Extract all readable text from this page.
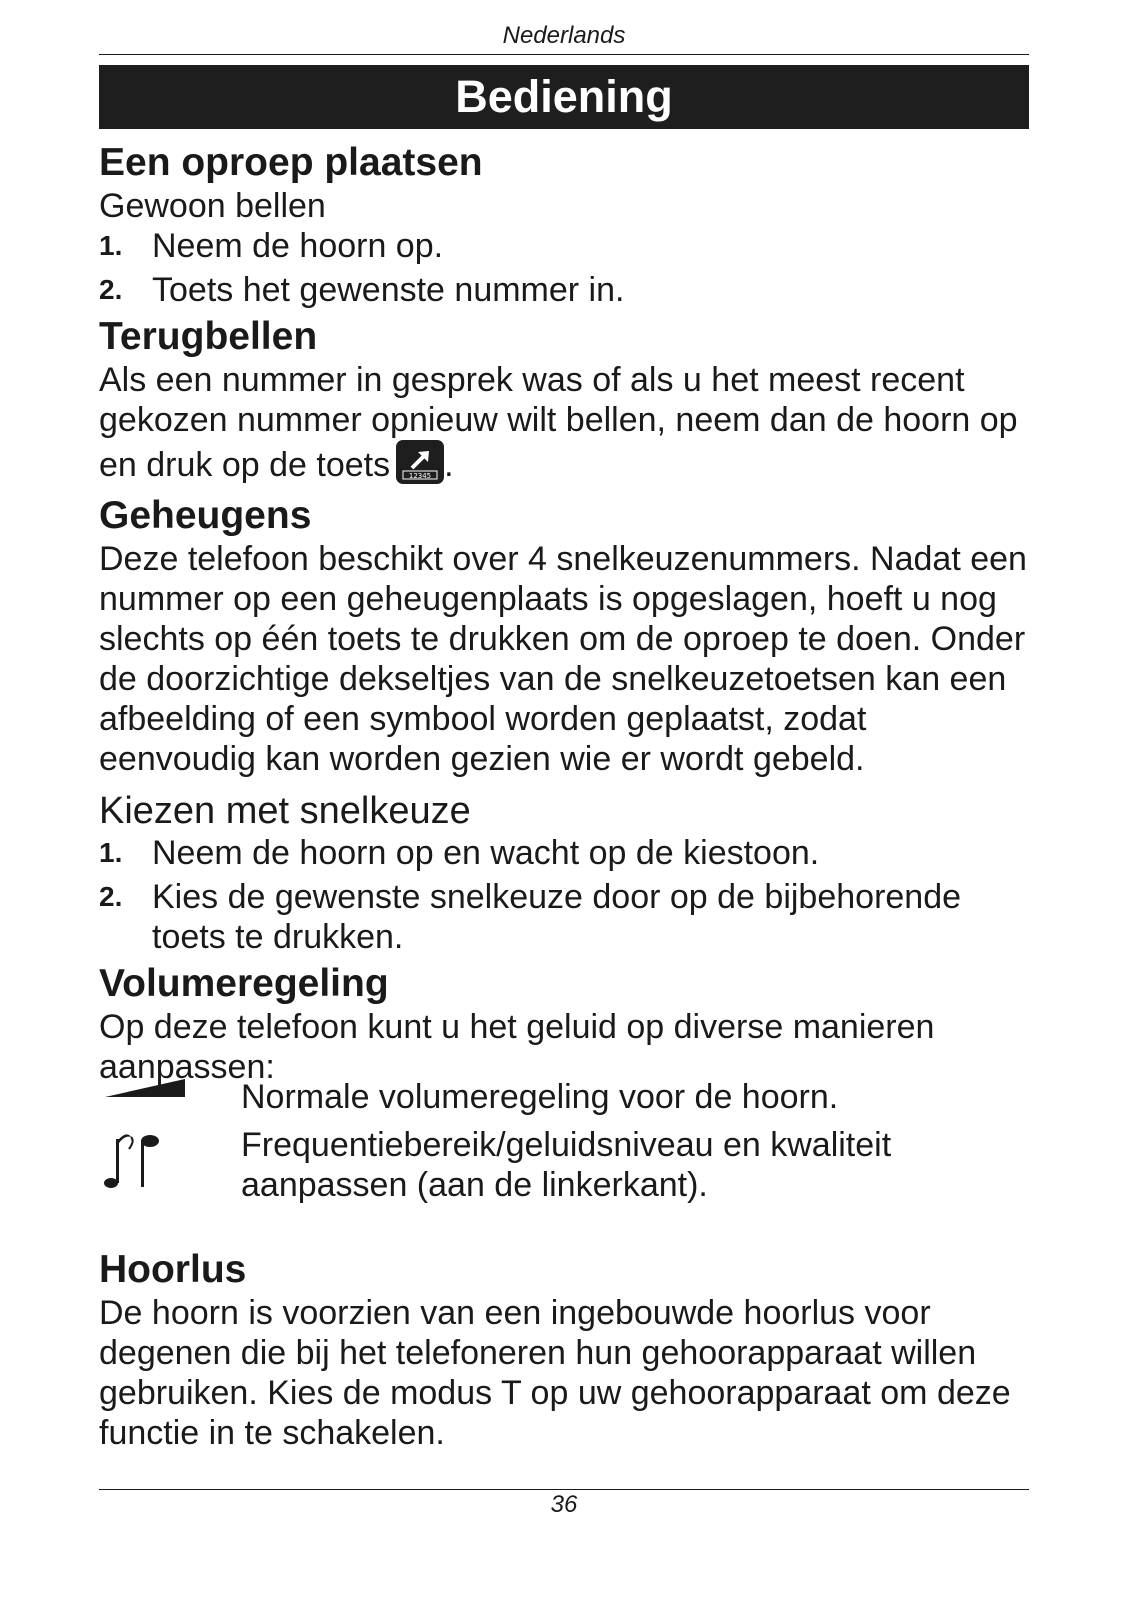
Nederlands
Bediening
Een oproep plaatsen
Gewoon bellen
1. Neem de hoorn op.
2. Toets het gewenste nummer in.
Terugbellen

Als een nummer in gesprek was of als u het meest recent gekozen nummer opnieuw wilt bellen, neem dan de hoorn op en druk op de toets	12345 .

Geheugens

Deze telefoon beschikt over 4 snelkeuzenummers. Nadat een nummer op een geheugenplaats is opgeslagen, hoeft u nog slechts op één toets te drukken om de oproep te doen. Onder de doorzichtige dekseltjes van de snelkeuzetoetsen kan een afbeelding of een symbool worden geplaatst, zodat eenvoudig kan worden gezien wie er wordt gebeld.

Kiezen met snelkeuze
1. Neem de hoorn op en wacht op de kiestoon.
2. Kies de gewenste snelkeuze door op de bijbehorende toets te drukken.
Volumeregeling

Op deze telefoon kunt u het geluid op diverse manieren aanpassen:

Normale volumeregeling voor de hoorn.
Frequentiebereik/geluidsniveau en kwaliteit aanpassen (aan de linkerkant).
Hoorlus

De hoorn is voorzien van een ingebouwde hoorlus voor degenen die bij het telefoneren hun gehoorapparaat willen gebruiken. Kies de modus T op uw gehoorapparaat om deze functie in te schakelen.

36
